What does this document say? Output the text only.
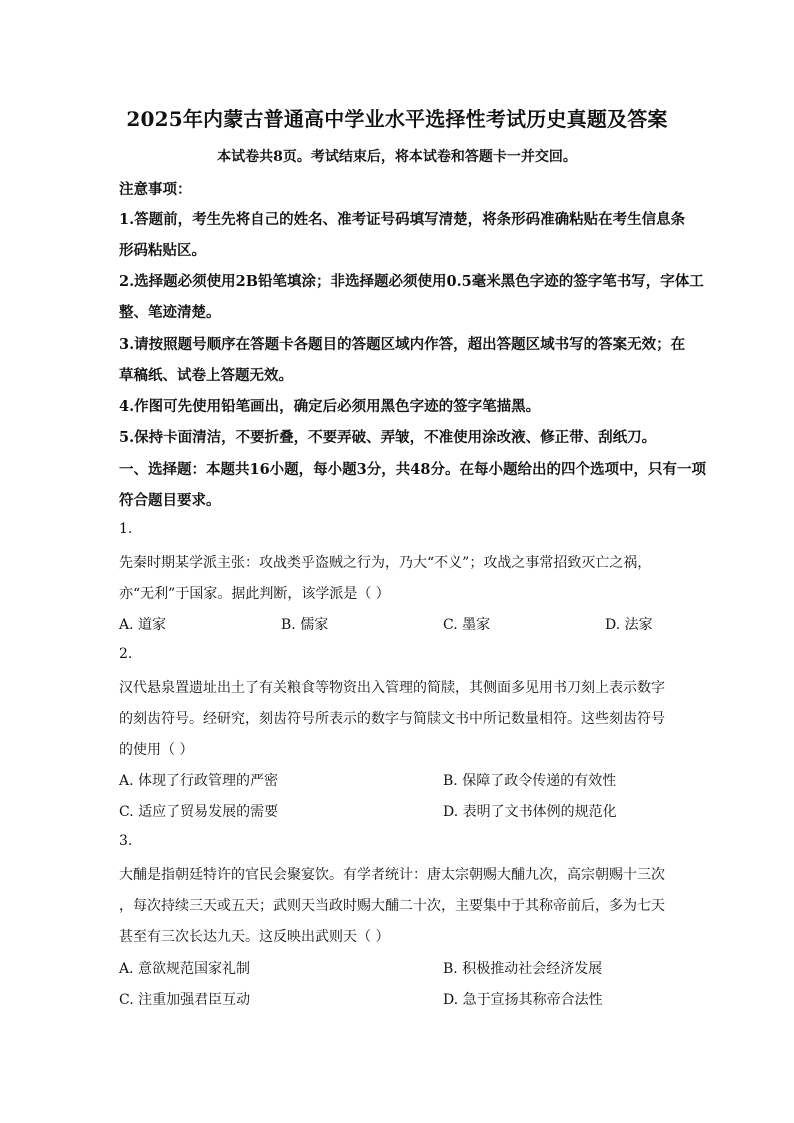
2025年内蒙古普通高中学业水平选择性考试历史真题及答案
本试卷共8页。考试结束后，将本试卷和答题卡一并交回。
注意事项：
1.答题前，考生先将自己的姓名、准考证号码填写清楚，将条形码准确粘贴在考生信息条
形码粘贴区。
2.选择题必须使用2B铅笔填涂；非选择题必须使用0.5毫米黑色字迹的签字笔书写，字体工
整、笔迹清楚。
3.请按照题号顺序在答题卡各题目的答题区域内作答，超出答题区域书写的答案无效；在
草稿纸、试卷上答题无效。
4.作图可先使用铅笔画出，确定后必须用黑色字迹的签字笔描黑。
5.保持卡面清洁，不要折叠，不要弄破、弄皱，不准使用涂改液、修正带、刮纸刀。
一、选择题：本题共16小题，每小题3分，共48分。在每小题给出的四个选项中，只有一项
符合题目要求。
1.
先秦时期某学派主张：攻战类乎盗贼之行为，乃大“不义”；攻战之事常招致灭亡之祸，
亦“无利”于国家。据此判断，该学派是（ ）
A. 道家	B. 儒家	C. 墨家	D. 法家
2.
汉代悬泉置遗址出土了有关粮食等物资出入管理的简牍，其侧面多见用书刀刻上表示数字
的刻齿符号。经研究，刻齿符号所表示的数字与简牍文书中所记数量相符。这些刻齿符号
的使用（ ）
A. 体现了行政管理的严密	B. 保障了政令传递的有效性
C. 适应了贸易发展的需要	D. 表明了文书体例的规范化
3.
大酺是指朝廷特许的官民会聚宴饮。有学者统计：唐太宗朝赐大酺九次，高宗朝赐十三次
，每次持续三天或五天；武则天当政时赐大酺二十次，主要集中于其称帝前后，多为七天
甚至有三次长达九天。这反映出武则天（ ）
A. 意欲规范国家礼制	B. 积极推动社会经济发展
C. 注重加强君臣互动	D. 急于宣扬其称帝合法性
